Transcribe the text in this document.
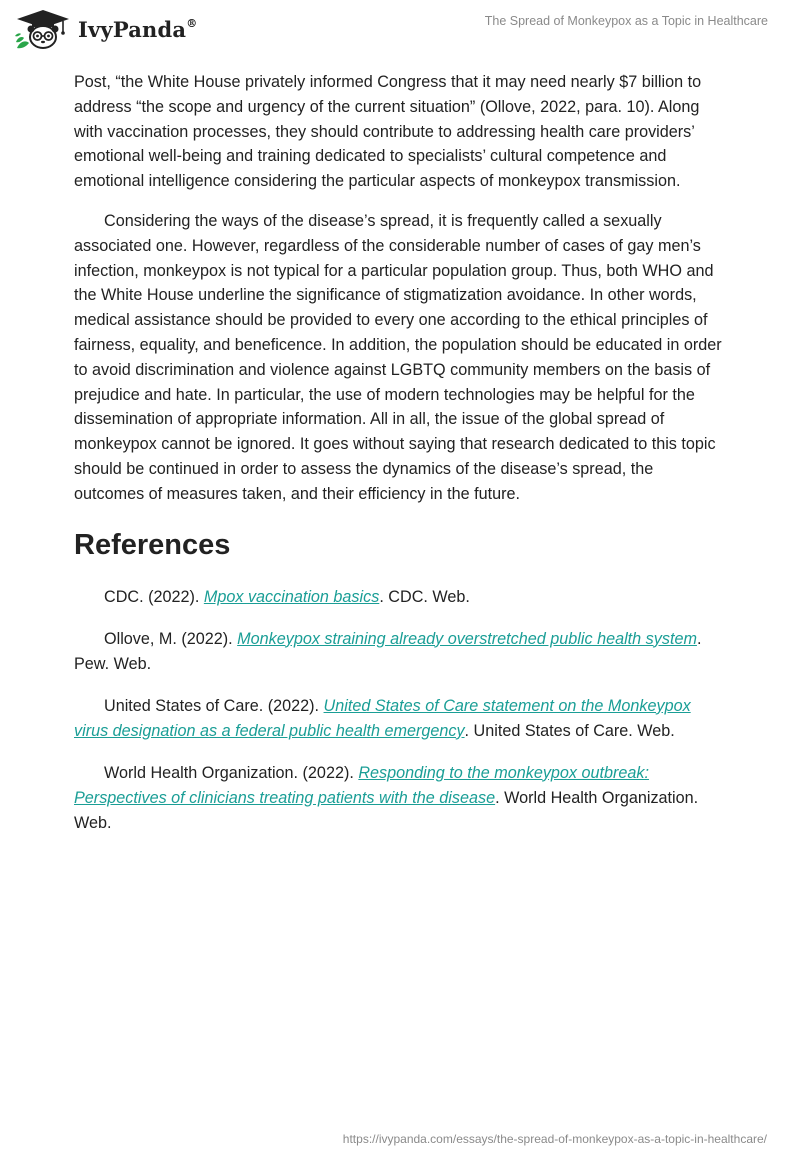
IvyPanda®	The Spread of Monkeypox as a Topic in Healthcare

Post, “the White House privately informed Congress that it may need nearly $7 billion to address “the scope and urgency of the current situation” (Ollove, 2022, para. 10). Along with vaccination processes, they should contribute to addressing health care providers’ emotional well-being and training dedicated to specialists’ cultural competence and emotional intelligence considering the particular aspects of monkeypox transmission.

Considering the ways of the disease’s spread, it is frequently called a sexually associated one. However, regardless of the considerable number of cases of gay men’s infection, monkeypox is not typical for a particular population group. Thus, both WHO and the White House underline the significance of stigmatization avoidance. In other words, medical assistance should be provided to every one according to the ethical principles of fairness, equality, and beneficence. In addition, the population should be educated in order to avoid discrimination and violence against LGBTQ community members on the basis of prejudice and hate. In particular, the use of modern technologies may be helpful for the dissemination of appropriate information. All in all, the issue of the global spread of monkeypox cannot be ignored. It goes without saying that research dedicated to this topic should be continued in order to assess the dynamics of the disease’s spread, the outcomes of measures taken, and their efficiency in the future.

References
CDC. (2022). Mpox vaccination basics. CDC. Web.
Ollove, M. (2022). Monkeypox straining already overstretched public health system. Pew. Web.
United States of Care. (2022). United States of Care statement on the Monkeypox virus designation as a federal public health emergency. United States of Care. Web.
World Health Organization. (2022). Responding to the monkeypox outbreak: Perspectives of clinicians treating patients with the disease. World Health Organization. Web.
https://ivypanda.com/essays/the-spread-of-monkeypox-as-a-topic-in-healthcare/
